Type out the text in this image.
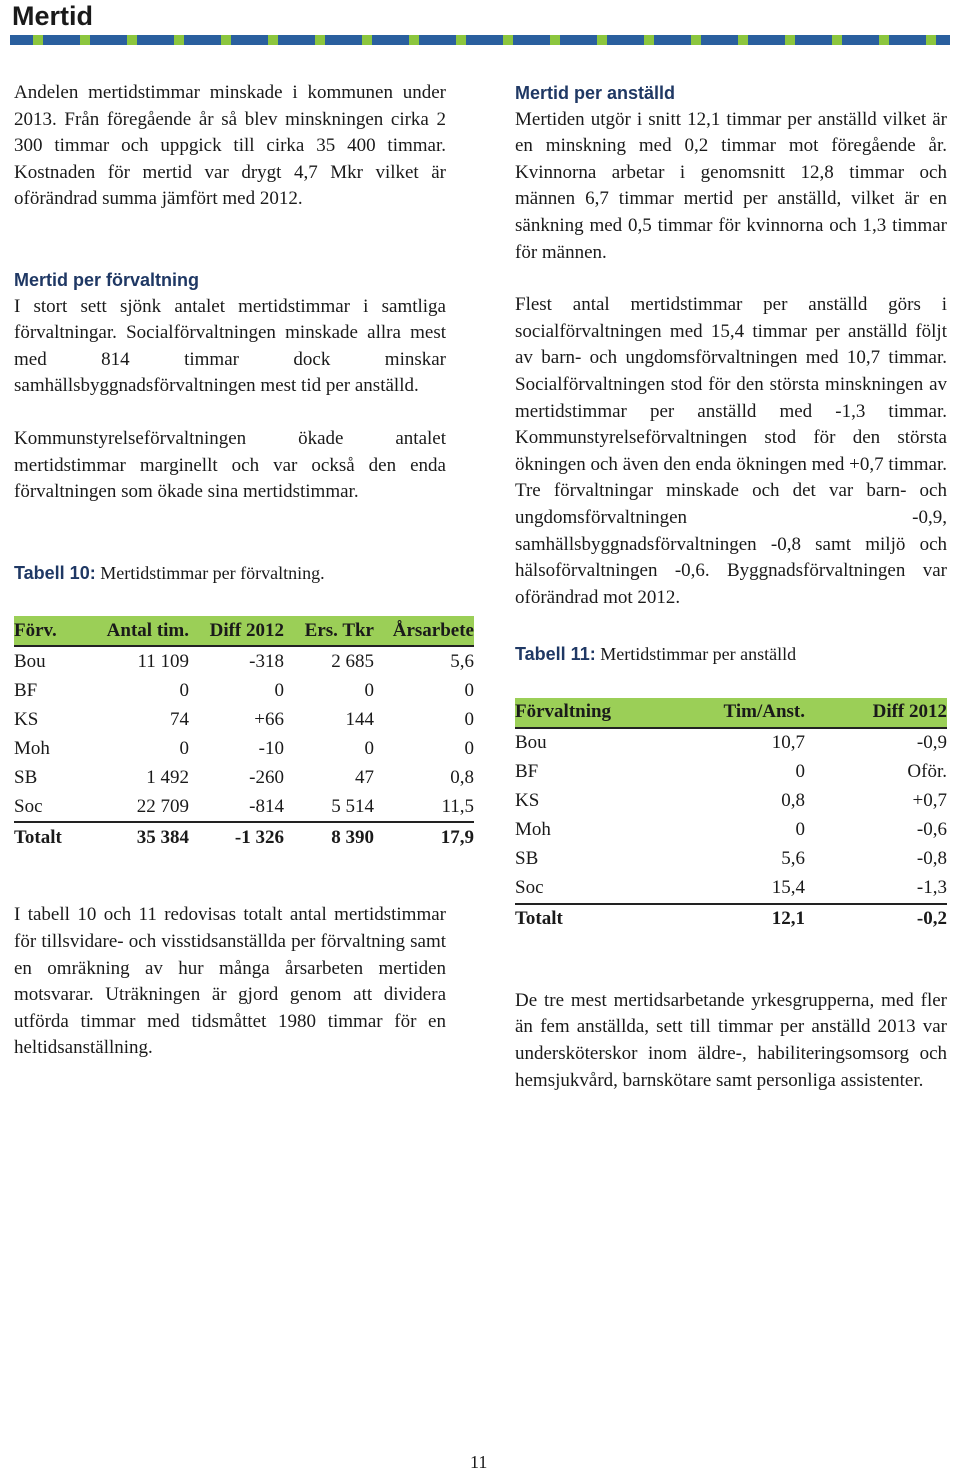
Mertid

Andelen mertidstimmar minskade i kommunen under 2013. Från föregående år så blev minskningen cirka 2 300 timmar och uppgick till cirka 35 400 timmar. Kostnaden för mertid var drygt 4,7 Mkr vilket är oförändrad summa jämfört med 2012.

Mertid per förvaltning

I stort sett sjönk antalet mertidstimmar i samtliga förvaltningar. Socialförvaltningen minskade allra mest med 814 timmar dock minskar samhällsbyggnadsförvaltningen mest tid per anställd.

Kommunstyrelseförvaltningen ökade antalet mertidstimmar marginellt och var också den enda förvaltningen som ökade sina mertidstimmar.

Tabell 10: Mertidstimmar per förvaltning.
Förv.	Antal tim.	Diff 2012	Ers. Tkr	Årsarbete
Bou	11 109	-318	2 685	5,6
BF	0	0	0	0
KS	74	+66	144	0
Moh	0	-10	0	0
SB	1 492	-260	47	0,8
Soc	22 709	-814	5 514	11,5
Totalt	35 384	-1 326	8 390	17,9

I tabell 10 och 11 redovisas totalt antal mertidstimmar för tillsvidare- och visstidsanställda per förvaltning samt en omräkning av hur många årsarbeten mertiden motsvarar. Uträkningen är gjord genom att dividera utförda timmar med tidsmåttet 1980 timmar för en heltidsanställning.

Mertid per anställd

Mertiden utgör i snitt 12,1 timmar per anställd vilket är en minskning med 0,2 timmar mot föregående år. Kvinnorna arbetar i genomsnitt 12,8 timmar och männen 6,7 timmar mertid per anställd, vilket är en sänkning med 0,5 timmar för kvinnorna och 1,3 timmar för männen.

Flest antal mertidstimmar per anställd görs i socialförvaltningen med 15,4 timmar per anställd följt av barn- och ungdomsförvaltningen med 10,7 timmar. Socialförvaltningen stod för den största minskningen av mertidstimmar per anställd med -1,3 timmar. Kommunstyrelseförvaltningen stod för den största ökningen och även den enda ökningen med +0,7 timmar. Tre förvaltningar minskade och det var barn- och ungdomsförvaltningen -0,9, samhällsbyggnadsförvaltningen -0,8 samt miljö och hälsoförvaltningen -0,6. Byggnadsförvaltningen var oförändrad mot 2012.

Tabell 11: Mertidstimmar per anställd
Förvaltning	Tim/Anst.	Diff 2012
Bou	10,7	-0,9
BF	0	Oför.
KS	0,8	+0,7
Moh	0	-0,6
SB	5,6	-0,8
Soc	15,4	-1,3
Totalt	12,1	-0,2

De tre mest mertidsarbetande yrkesgrupperna, med fler än fem anställda, sett till timmar per anställd 2013 var undersköterskor inom äldre-, habiliteringsomsorg och hemsjukvård, barnskötare samt personliga assistenter.

11
